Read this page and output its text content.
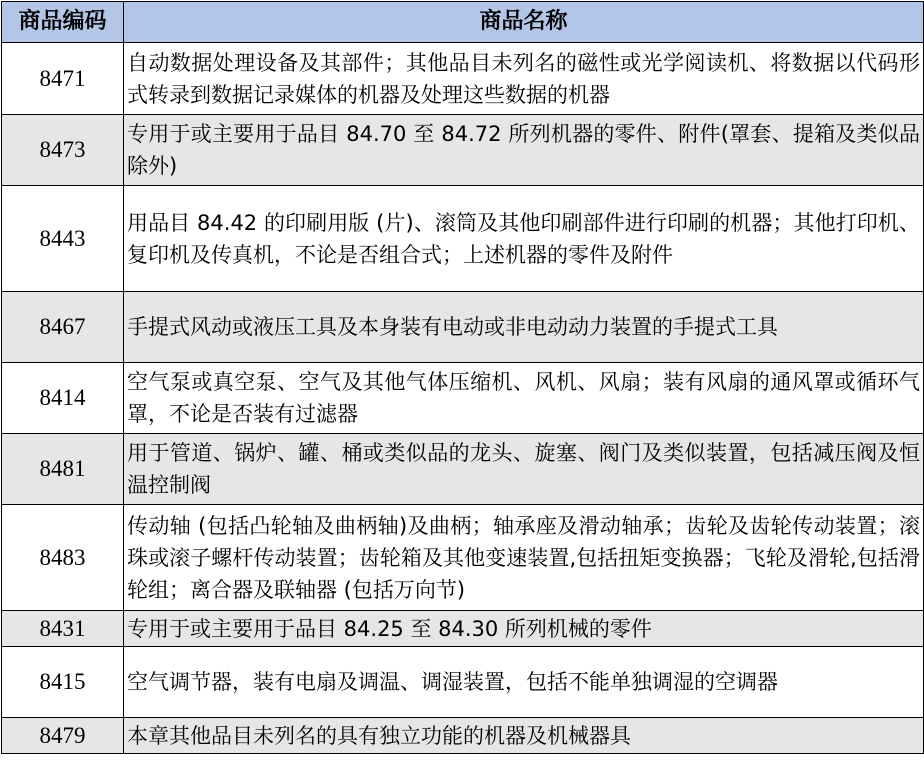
商品编码	商品名称
8471	自动数据处理设备及其部件；其他品目未列名的磁性或光学阅读机、将数据以代码形式转录到数据记录媒体的机器及处理这些数据的机器
8473	专用于或主要用于品目 84.70 至 84.72 所列机器的零件、附件(罩套、提箱及类似品除外)
8443	用品目 84.42 的印刷用版 (片)、滚筒及其他印刷部件进行印刷的机器；其他打印机、复印机及传真机，不论是否组合式；上述机器的零件及附件
8467	手提式风动或液压工具及本身装有电动或非电动动力装置的手提式工具
8414	空气泵或真空泵、空气及其他气体压缩机、风机、风扇；装有风扇的通风罩或循环气罩，不论是否装有过滤器
8481	用于管道、锅炉、罐、桶或类似品的龙头、旋塞、阀门及类似装置，包括减压阀及恒温控制阀
8483	传动轴 (包括凸轮轴及曲柄轴)及曲柄；轴承座及滑动轴承；齿轮及齿轮传动装置；滚珠或滚子螺杆传动装置；齿轮箱及其他变速装置,包括扭矩变换器；飞轮及滑轮,包括滑轮组；离合器及联轴器 (包括万向节)
8431	专用于或主要用于品目 84.25 至 84.30 所列机械的零件
8415	空气调节器，装有电扇及调温、调湿装置，包括不能单独调湿的空调器
8479	本章其他品目未列名的具有独立功能的机器及机械器具
